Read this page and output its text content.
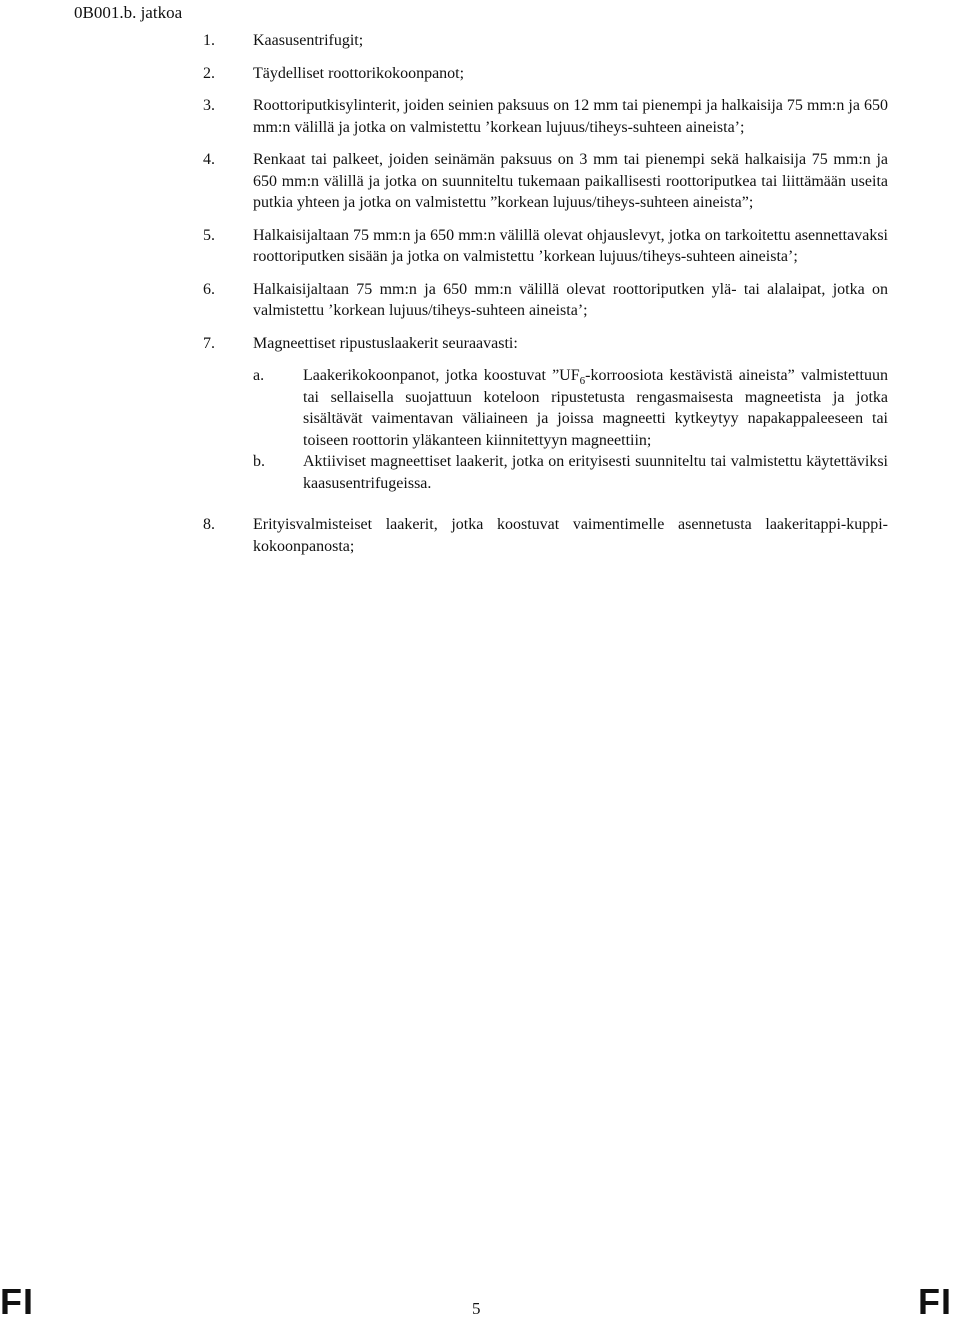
0B001.b. jatkoa
1. Kaasusentrifugit;
2. Täydelliset roottorikokoonpanot;
3. Roottoriputkisylinterit, joiden seinien paksuus on 12 mm tai pienempi ja halkaisija 75 mm:n ja 650 mm:n välillä ja jotka on valmistettu ’korkean lujuus/tiheys-suhteen aineista’;
4. Renkaat tai palkeet, joiden seinämän paksuus on 3 mm tai pienempi sekä halkaisija 75 mm:n ja 650 mm:n välillä ja jotka on suunniteltu tukemaan paikallisesti roottoriputkea tai liittämään useita putkia yhteen ja jotka on valmistettu ”korkean lujuus/tiheys-suhteen aineista”;
5. Halkaisijaltaan 75 mm:n ja 650 mm:n välillä olevat ohjauslevyt, jotka on tarkoitettu asennettavaksi roottoriputken sisään ja jotka on valmistettu ’korkean lujuus/tiheys-suhteen aineista’;
6. Halkaisijaltaan 75 mm:n ja 650 mm:n välillä olevat roottoriputken ylä- tai alalaipat, jotka on valmistettu ’korkean lujuus/tiheys-suhteen aineista’;
7. Magneettiset ripustuslaakerit seuraavasti:
a. Laakerikokoonpanot, jotka koostuvat $”UF_6$-korroosiota kestävistä aineista” valmistettuun tai sellaisella suojattuun koteloon ripustetusta rengasmaisesta magneetista ja jotka sisältävät vaimentavan väliaineen ja joissa magneetti kytkeytyy napakappaleeseen tai toiseen roottorin yläkanteen kiinnitettyyn magneettiin;
b. Aktiiviset magneettiset laakerit, jotka on erityisesti suunniteltu tai valmistettu käytettäviksi kaasusentrifugeissa.
8. Erityisvalmisteiset laakerit, jotka koostuvat vaimentimelle asennetusta laakeritappi-kuppi-kokoonpanosta;
FI	5	FI
